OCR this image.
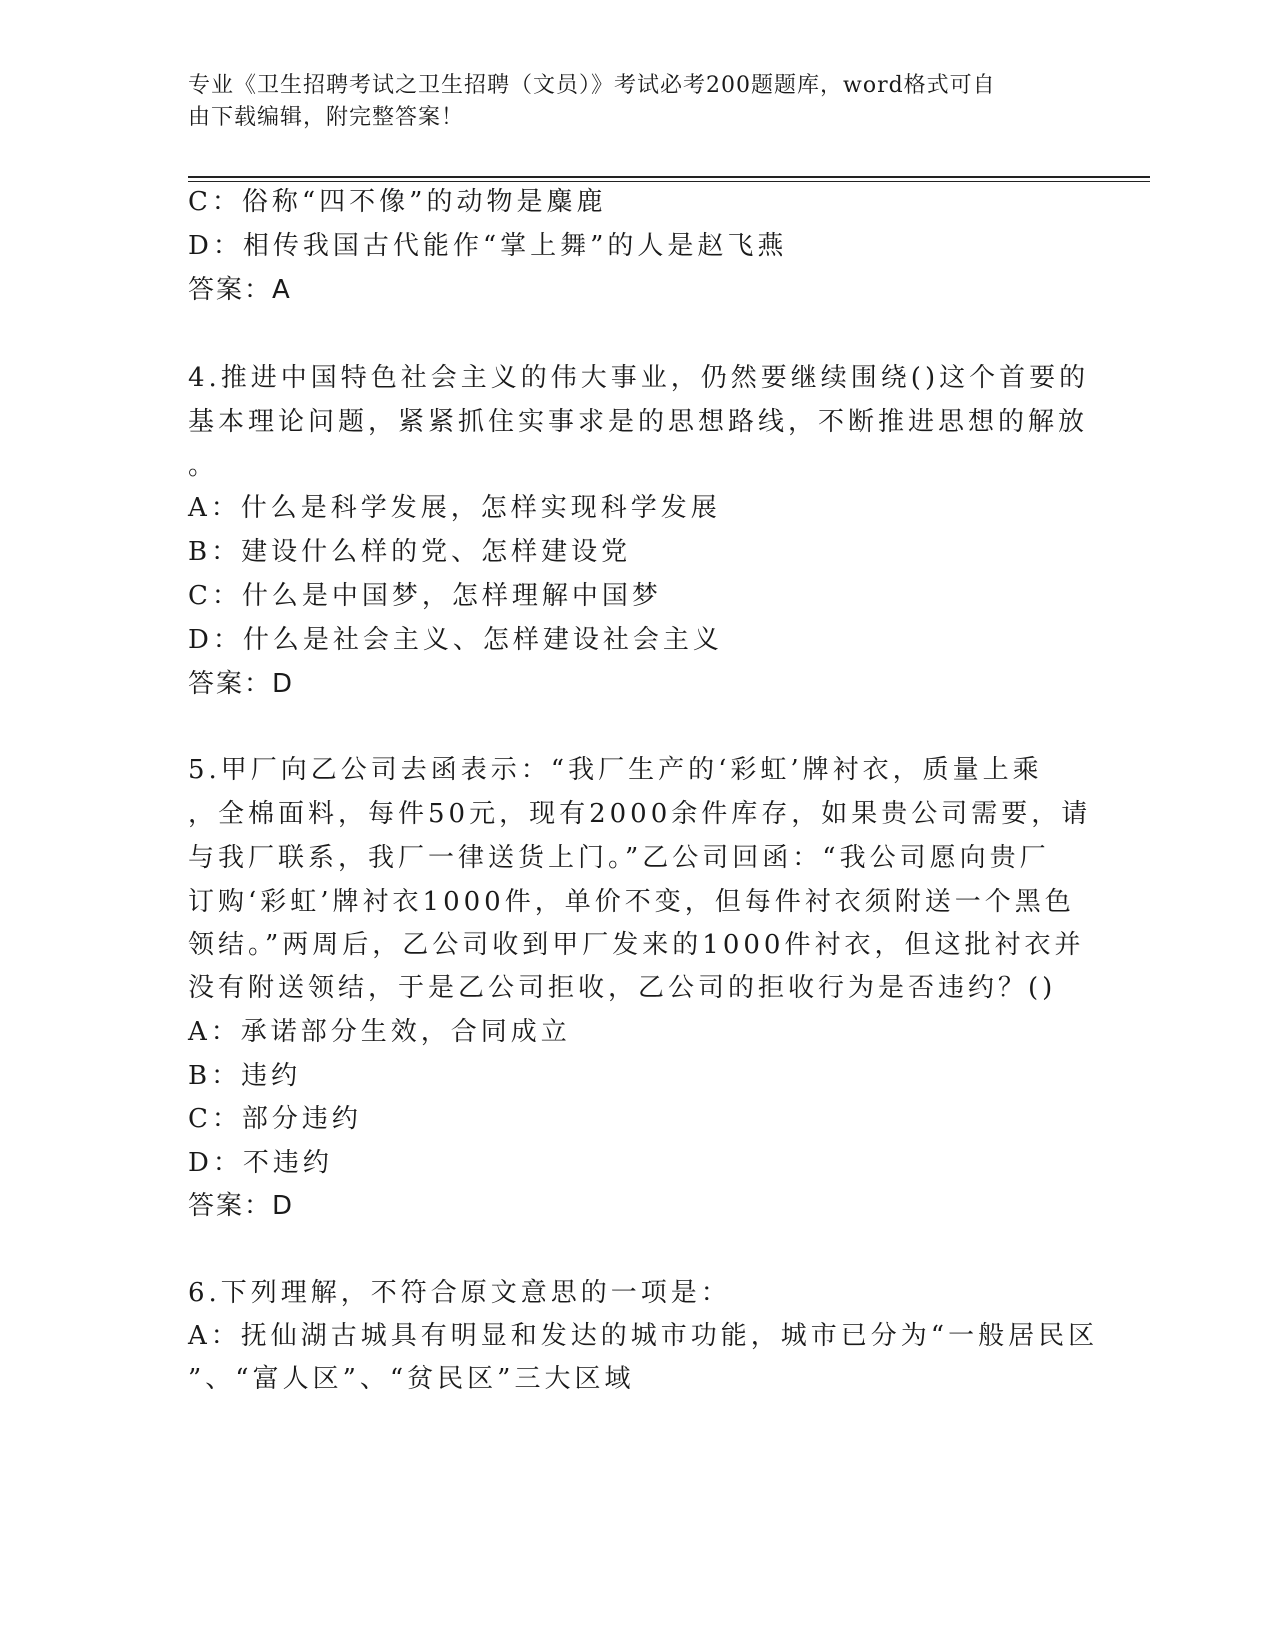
专业《卫生招聘考试之卫生招聘（文员）》考试必考200题题库，word格式可自
由下载编辑，附完整答案！
C：俗称“四不像”的动物是麋鹿
D：相传我国古代能作“掌上舞”的人是赵飞燕
答案：A
4.推进中国特色社会主义的伟大事业，仍然要继续围绕()这个首要的
基本理论问题，紧紧抓住实事求是的思想路线，不断推进思想的解放
。
A：什么是科学发展，怎样实现科学发展
B：建设什么样的党、怎样建设党
C：什么是中国梦，怎样理解中国梦
D：什么是社会主义、怎样建设社会主义
答案：D
5.甲厂向乙公司去函表示：“我厂生产的‘彩虹’牌衬衣，质量上乘
，全棉面料，每件50元，现有2000余件库存，如果贵公司需要，请
与我厂联系，我厂一律送货上门。”乙公司回函：“我公司愿向贵厂
订购‘彩虹’牌衬衣1000件，单价不变，但每件衬衣须附送一个黑色
领结。”两周后，乙公司收到甲厂发来的1000件衬衣，但这批衬衣并
没有附送领结，于是乙公司拒收，乙公司的拒收行为是否违约？()
A：承诺部分生效，合同成立
B：违约
C：部分违约
D：不违约
答案：D
6.下列理解，不符合原文意思的一项是：
A：抚仙湖古城具有明显和发达的城市功能，城市已分为“一般居民区
”、“富人区”、“贫民区”三大区域
